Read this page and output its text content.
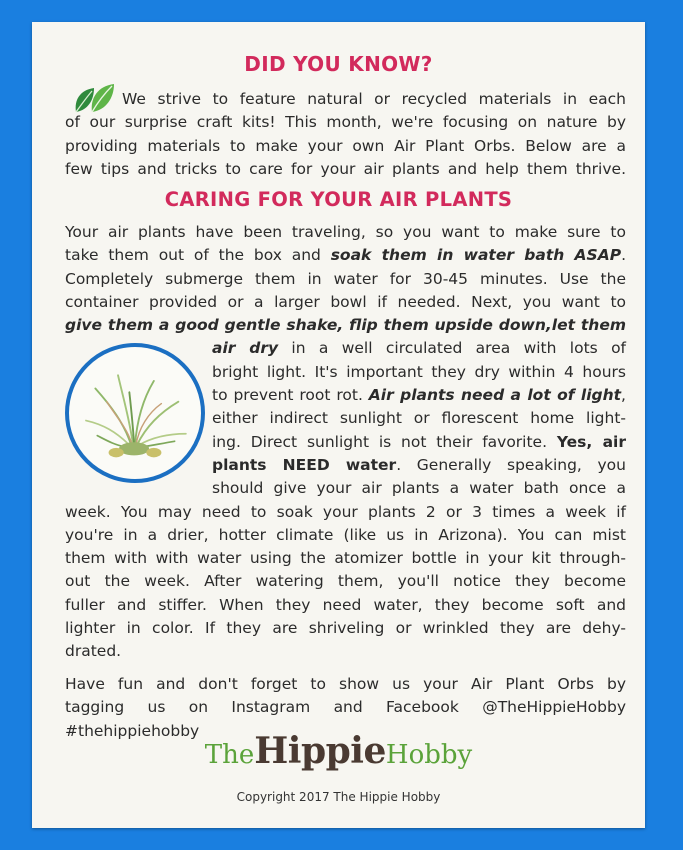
DID YOU KNOW?
We strive to feature natural or recycled materials in each
of our surprise craft kits! This month, we're focusing on nature by
providing materials to make your own Air Plant Orbs. Below are a
few tips and tricks to care for your air plants and help them thrive.
CARING FOR YOUR AIR PLANTS
Your air plants have been traveling, so you want to make sure to
take them out of the box and soak them in water bath ASAP.
Completely submerge them in water for 30-45 minutes. Use the
container provided or a larger bowl if needed. Next, you want to
give them a good gentle shake, flip them upside down,let them
air dry in a well circulated area with lots of
bright light. It's important they dry within 4 hours
to prevent root rot. Air plants need a lot of light,
either indirect sunlight or florescent home light-
ing. Direct sunlight is not their favorite. Yes, air
plants NEED water. Generally speaking, you
should give your air plants a water bath once a
week. You may need to soak your plants 2 or 3 times a week if
you're in a drier, hotter climate (like us in Arizona). You can mist
them with with water using the atomizer bottle in your kit through-
out the week. After watering them, you'll notice they become
fuller and stiffer. When they need water, they become soft and
lighter in color. If they are shriveling or wrinkled they are dehy-
drated.
Have fun and don't forget to show us your Air Plant Orbs by
tagging us on Instagram and Facebook @TheHippieHobby
#thehippiehobby
TheHippieHobby
Copyright 2017 The Hippie Hobby
